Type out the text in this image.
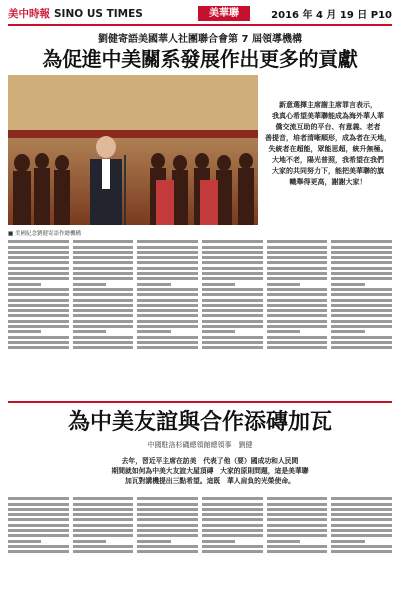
美中時報 SINO US TIMES	美華聯	2016 年 4 月 19 日 P10
劉健寄語美國華人社團聯合會第 7 屆領導機構
為促進中美關系發展作出更多的貢獻
新意選擇主席謝主席罪言表示，
我真心希望美華聯能成為海外華人華
僑交流互助的平台、有意義、老者
善提音，培者清晰順形，成為者在天地，
失統者在超能，眾能思超，統升無極。
大地不老，陽光普照，我希望在我們
大家的共同努力下，能把美華聯的旗
幟舉得更高，謝謝大家！
■ 美國紀念劉健寄語作總機構
為中美友誼與合作添磚加瓦
中國駐洛杉磯總領館總領事　劉健
去年，習近平主席在訪美　代表了他（要）國成功和人民間
期間就如何為中美大友誼大屋頂磚　大家的原則問題，這是美華聯
加瓦對講機提出三點希望。這既　華人肩負的光榮使命。
